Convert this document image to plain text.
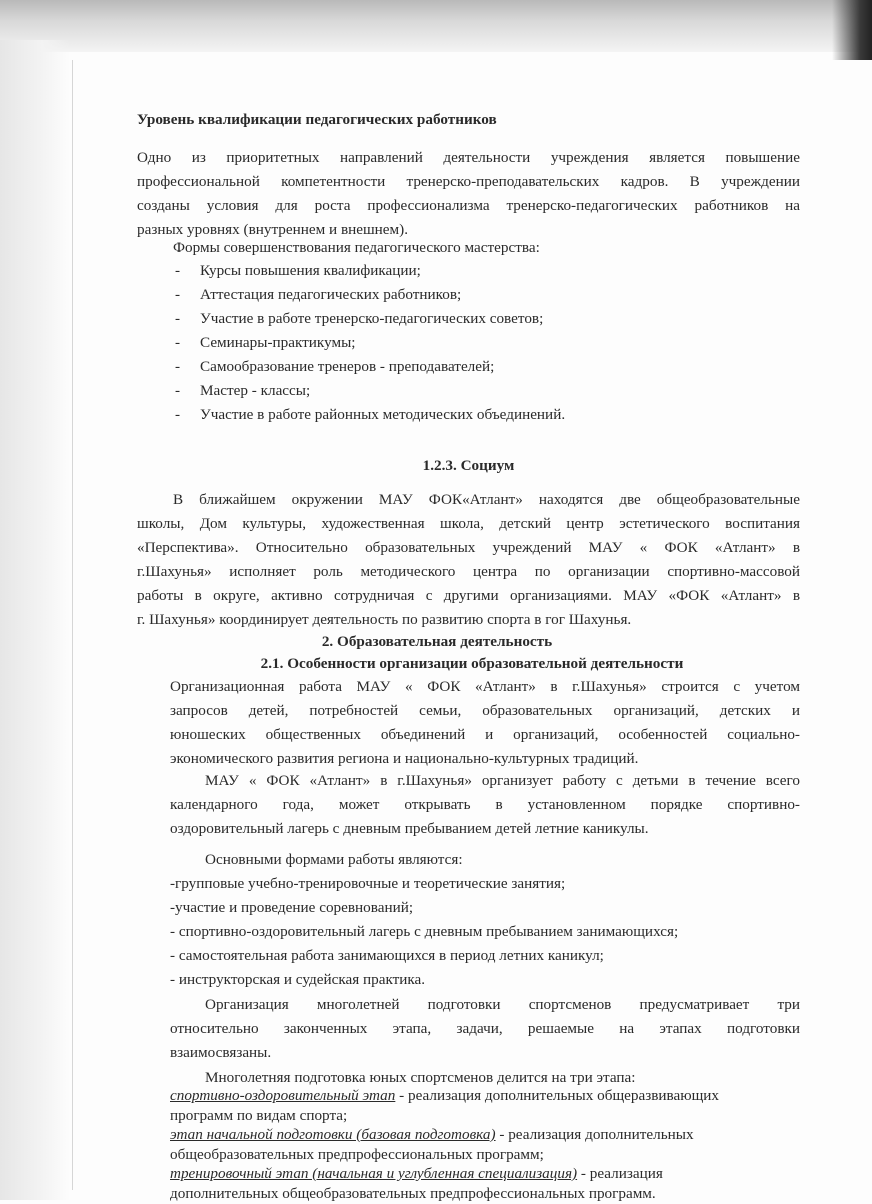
Уровень квалификации педагогических работников
Одно из приоритетных направлений деятельности учреждения является повышение
профессиональной компетентности тренерско-преподавательских кадров. В учреждении
созданы условия для роста профессионализма тренерско-педагогических работников на
разных уровнях (внутреннем и внешнем).
Формы совершенствования педагогического мастерства:
- Курсы повышения квалификации;
- Аттестация педагогических работников;
- Участие в работе тренерско-педагогических советов;
- Семинары-практикумы;
- Самообразование тренеров - преподавателей;
- Мастер - классы;
- Участие в работе районных методических объединений.
1.2.3. Социум
В ближайшем окружении МАУ ФОК«Атлант» находятся две общеобразовательные
школы, Дом культуры, художественная школа, детский центр эстетического воспитания
«Перспектива». Относительно образовательных учреждений МАУ « ФОК «Атлант» в
г.Шахунья» исполняет роль методического центра по организации спортивно-массовой
работы в округе, активно сотрудничая с другими организациями. МАУ «ФОК «Атлант» в
г. Шахунья» координирует деятельность по развитию спорта в гог Шахунья.
2. Образовательная деятельность
2.1. Особенности организации образовательной деятельности
Организационная работа МАУ « ФОК «Атлант» в г.Шахунья» строится с учетом
запросов детей, потребностей семьи, образовательных организаций, детских и
юношеских общественных объединений и организаций, особенностей социально-
экономического развития региона и национально-культурных традиций.
МАУ « ФОК «Атлант» в г.Шахунья» организует работу с детьми в течение всего
календарного года, может открывать в установленном порядке спортивно-
оздоровительный лагерь с дневным пребыванием детей летние каникулы.
Основными формами работы являются:
-групповые учебно-тренировочные и теоретические занятия;
-участие и проведение соревнований;
- спортивно-оздоровительный лагерь с дневным пребыванием занимающихся;
- самостоятельная работа занимающихся в период летних каникул;
- инструкторская и судейская практика.
Организация многолетней подготовки спортсменов предусматривает три
относительно законченных этапа, задачи, решаемые на этапах подготовки
взаимосвязаны.
Многолетняя подготовка юных спортсменов делится на три этапа:
спортивно-оздоровительный этап - реализация дополнительных общеразвивающих
программ по видам спорта;
этап начальной подготовки (базовая подготовка) - реализация дополнительных
общеобразовательных предпрофессиональных программ;
тренировочный этап (начальная и углубленная специализация) - реализация
дополнительных общеобразовательных предпрофессиональных программ.
